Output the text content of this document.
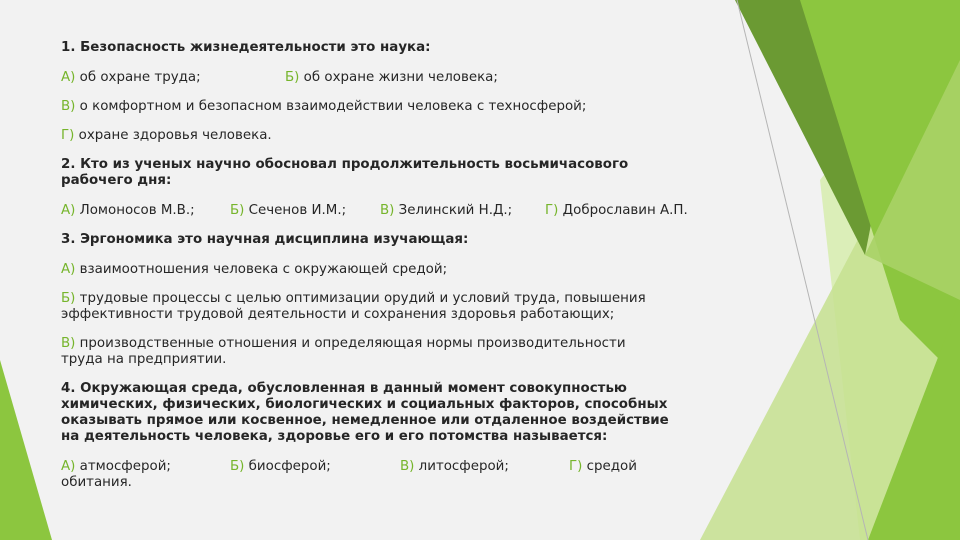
1. Безопасность жизнедеятельности это наука:

А) об охране труда;	Б) об охране жизни человека;

В) о комфортном и безопасном взаимодействии человека с техносферой;

Г) охране здоровья человека.

2. Кто из ученых научно обосновал продолжительность восьмичасового

рабочего дня:

А) Ломоносов М.В.;	Б) Сеченов И.М.;	В) Зелинский Н.Д.; Г) Доброславин А.П.

3. Эргономика это научная дисциплина изучающая:

А) взаимоотношения человека с окружающей средой;

Б) трудовые процессы с целью оптимизации орудий и условий труда, повышения

эффективности трудовой деятельности и сохранения здоровья работающих;

В) производственные отношения и определяющая нормы производительности

труда на предприятии.

4. Окружающая среда, обусловленная в данный момент совокупностью

химических, физических, биологических и социальных факторов, способных

оказывать прямое или косвенное, немедленное или отдаленное воздействие

на деятельность человека, здоровье его и его потомства называется:

А) атмосферой;	Б) биосферой;	В) литосферой;	Г) средой

обитания.
